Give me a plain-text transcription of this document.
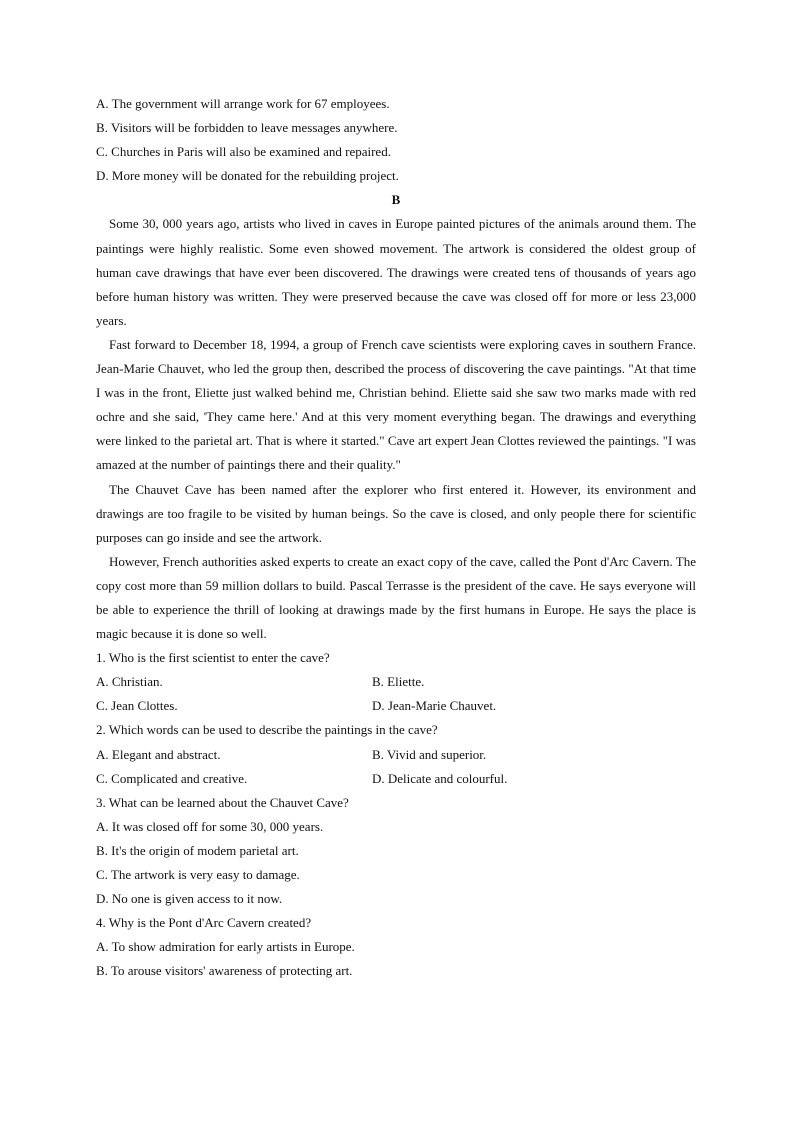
A. The government will arrange work for 67 employees.

B. Visitors will be forbidden to leave messages anywhere.

C. Churches in Paris will also be examined and repaired.

D. More money will be donated for the rebuilding project.

B

Some 30, 000 years ago, artists who lived in caves in Europe painted pictures of the animals around them. The paintings were highly realistic. Some even showed movement. The artwork is considered the oldest group of human cave drawings that have ever been discovered. The drawings were created tens of thousands of years ago before human history was written. They were preserved because the cave was closed off for more or less 23,000 years.

Fast forward to December 18, 1994, a group of French cave scientists were exploring caves in southern France. Jean-Marie Chauvet, who led the group then, described the process of discovering the cave paintings. "At that time I was in the front, Eliette just walked behind me, Christian behind. Eliette said she saw two marks made with red ochre and she said, 'They came here.' And at this very moment everything began. The drawings and everything were linked to the parietal art. That is where it started." Cave art expert Jean Clottes reviewed the paintings. "I was amazed at the number of paintings there and their quality."

The Chauvet Cave has been named after the explorer who first entered it. However, its environment and drawings are too fragile to be visited by human beings. So the cave is closed, and only people there for scientific purposes can go inside and see the artwork.

However, French authorities asked experts to create an exact copy of the cave, called the Pont d'Arc Cavern. The copy cost more than 59 million dollars to build. Pascal Terrasse is the president of the cave. He says everyone will be able to experience the thrill of looking at drawings made by the first humans in Europe. He says the place is magic because it is done so well.

1. Who is the first scientist to enter the cave?

A. Christian.	B. Eliette.
C. Jean Clottes.	D. Jean-Marie Chauvet.

2. Which words can be used to describe the paintings in the cave?

A. Elegant and abstract.	B. Vivid and superior.
C. Complicated and creative.	D. Delicate and colourful.

3. What can be learned about the Chauvet Cave?

A. It was closed off for some 30, 000 years.

B. It's the origin of modem parietal art.

C. The artwork is very easy to damage.

D. No one is given access to it now.

4. Why is the Pont d'Arc Cavern created?

A. To show admiration for early artists in Europe.

B. To arouse visitors' awareness of protecting art.
